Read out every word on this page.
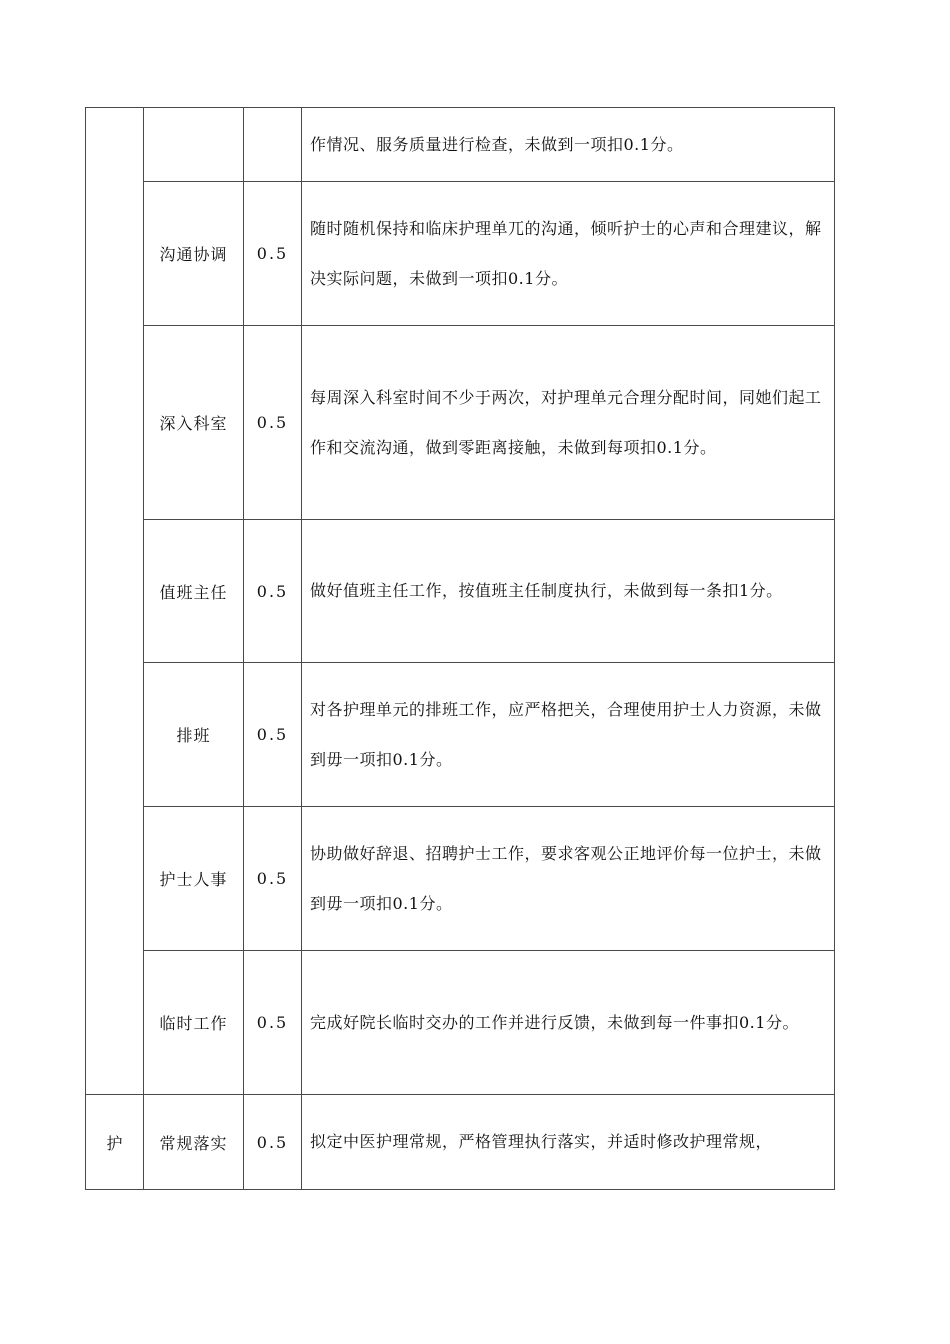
			作情况、服务质量进行检查，未做到一项扣0.1分。
	沟通协调	0.5	随时随机保持和临床护理单兀的沟通，倾听护士的心声和合理建议，解决实际问题，未做到一项扣0.1分。
	深入科室	0.5	每周深入科室时间不少于两次，对护理单元合理分配时间，同她们起工作和交流沟通，做到零距离接触，未做到每项扣0.1分。
	值班主任	0.5	做好值班主任工作，按值班主任制度执行，未做到每一条扣1分。
	排班	0.5	对各护理单元的排班工作，应严格把关，合理使用护士人力资源，未做到毋一项扣0.1分。
	护士人事	0.5	协助做好辞退、招聘护士工作，要求客观公正地评价每一位护士，未做到毋一项扣0.1分。
	临时工作	0.5	完成好院长临时交办的工作并进行反馈，未做到每一件事扣0.1分。
护	常规落实	0.5	拟定中医护理常规，严格管理执行落实，并适时修改护理常规，
